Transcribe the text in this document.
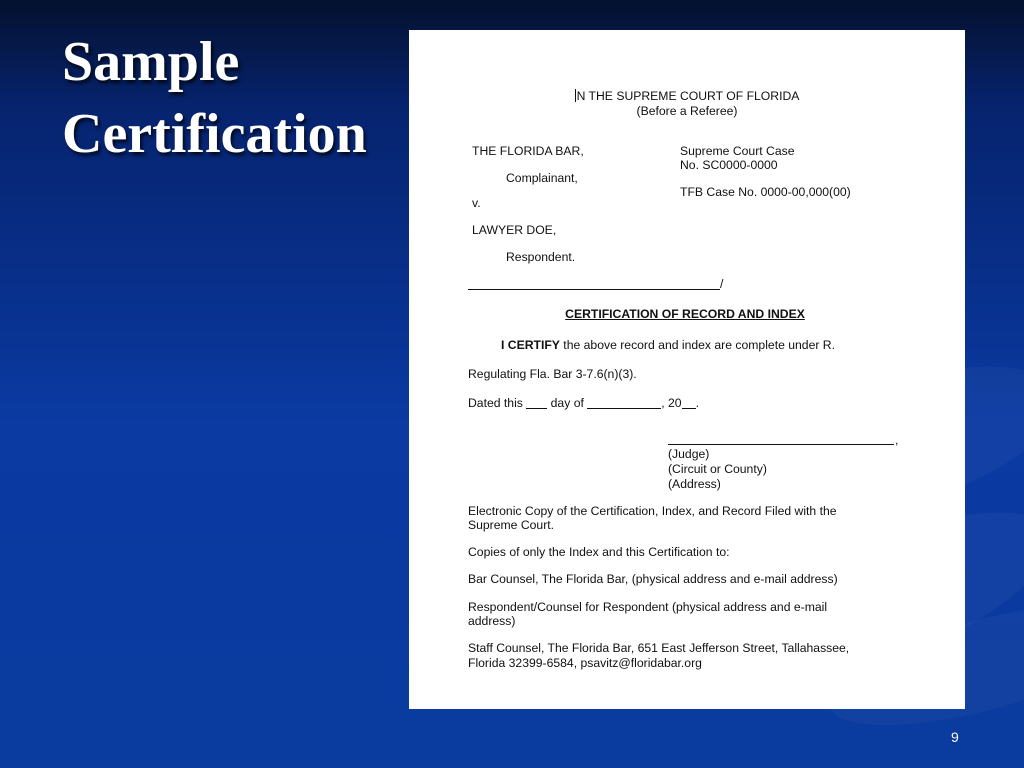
Sample
Certification
N THE SUPREME COURT OF FLORIDA
(Before a Referee)
THE FLORIDA BAR,
Complainant,
v.
LAWYER DOE,
Respondent.
/
Supreme Court Case
No. SC0000-0000
TFB Case No. 0000-00,000(00)
CERTIFICATION OF RECORD AND INDEX
I CERTIFY the above record and index are complete under R.
Regulating Fla. Bar 3-7.6(n)(3).
Dated this  day of	, 20 .
,
(Judge)
(Circuit or County)
(Address)
Electronic Copy of the Certification, Index, and Record Filed with the
Supreme Court.
Copies of only the Index and this Certification to:
Bar Counsel, The Florida Bar, (physical address and e-mail address)
Respondent/Counsel for Respondent (physical address and e-mail
address)
Staff Counsel, The Florida Bar, 651 East Jefferson Street, Tallahassee,
Florida 32399-6584, psavitz@floridabar.org
9
